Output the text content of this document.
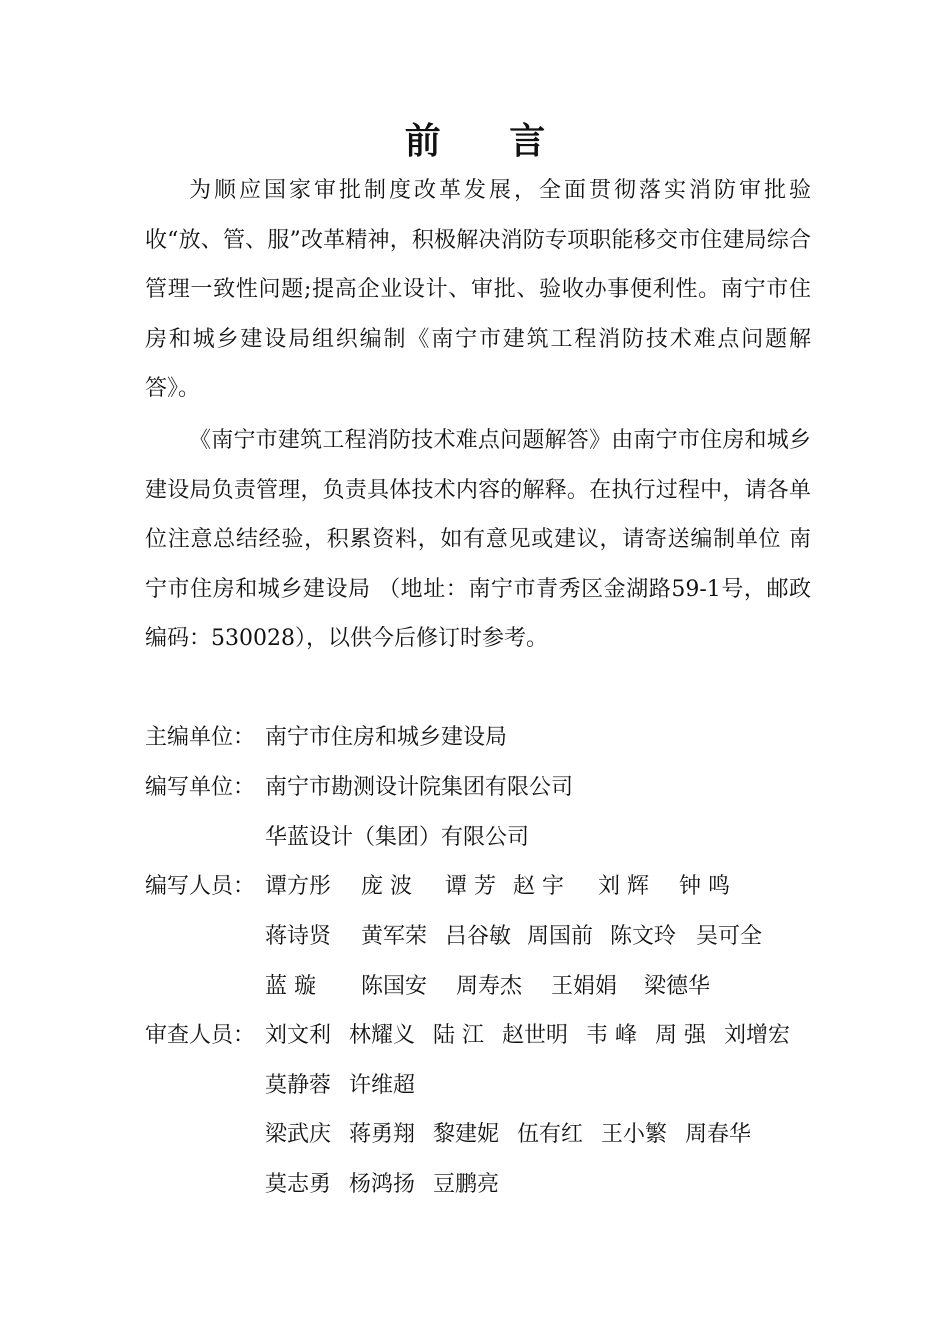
前 言

为顺应国家审批制度改革发展，全面贯彻落实消防审批验收“放、管、服”改革精神，积极解决消防专项职能移交市住建局综合管理一致性问题;提高企业设计、审批、验收办事便利性。南宁市住房和城乡建设局组织编制《南宁市建筑工程消防技术难点问题解答》。

《南宁市建筑工程消防技术难点问题解答》由南宁市住房和城乡建设局负责管理，负责具体技术内容的解释。在执行过程中，请各单位注意总结经验，积累资料，如有意见或建议，请寄送编制单位 南宁市住房和城乡建设局 （地址：南宁市青秀区金湖路59-1号，邮政编码：530028），以供今后修订时参考。

主编单位： 南宁市住房和城乡建设局
编写单位： 南宁市勘测设计院集团有限公司
华蓝设计（集团）有限公司
编写人员： 谭方彤 庞 波 谭 芳 赵 宇 刘 辉 钟 鸣
蒋诗贤 黄军荣 吕谷敏 周国前 陈文玲 吴可全
蓝 璇 陈国安 周寿杰 王娟娟 梁德华
审查人员： 刘文利 林耀义 陆 江 赵世明 韦 峰 周 强 刘增宏
莫静蓉 许维超
梁武庆 蒋勇翔 黎建妮 伍有红 王小繁 周春华
莫志勇 杨鸿扬 豆鹏亮
